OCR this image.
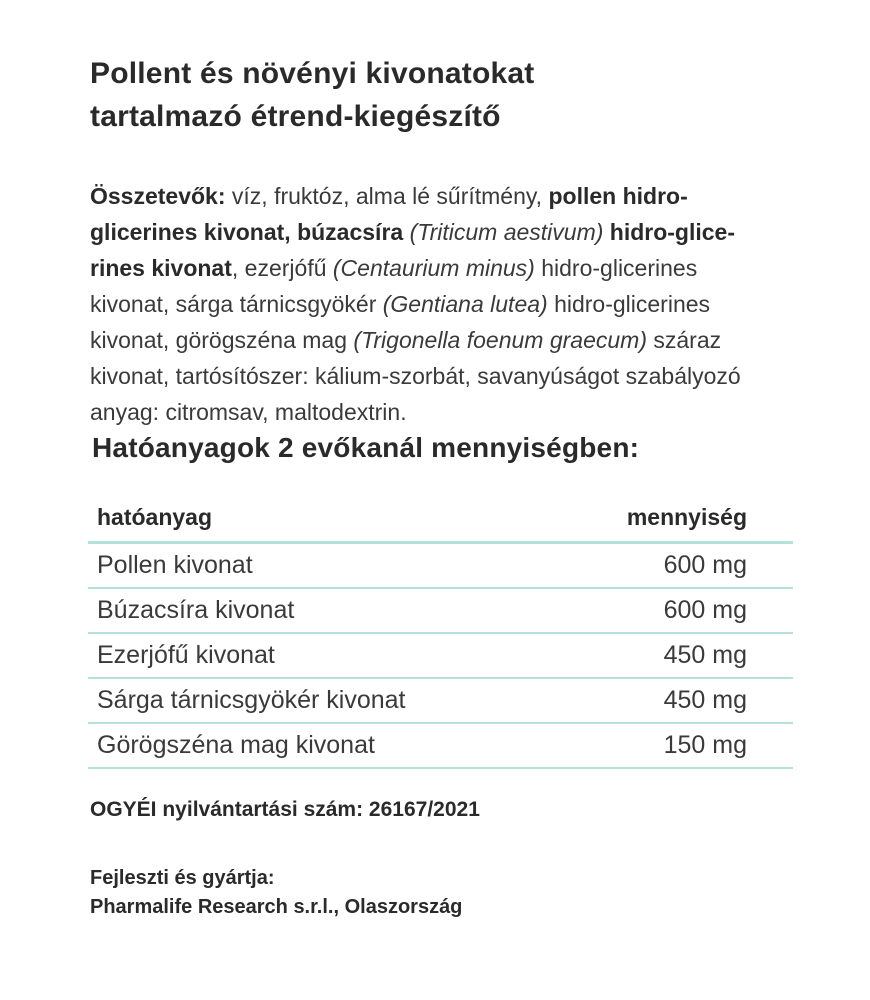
Pollent és növényi kivonatokat
tartalmazó étrend-kiegészítő
Összetevők: víz, fruktóz, alma lé sűrítmény, pollen hidro-
glicerines kivonat, búzacsíra (Triticum aestivum) hidro-glice-
rines kivonat, ezerjófű (Centaurium minus) hidro-glicerines
kivonat, sárga tárnicsgyökér (Gentiana lutea) hidro-glicerines
kivonat, görögszéna mag (Trigonella foenum graecum) száraz
kivonat, tartósítószer: kálium-szorbát, savanyúságot szabályozó
anyag: citromsav, maltodextrin.
Hatóanyagok 2 evőkanál mennyiségben:
hatóanyag	mennyiség
Pollen kivonat	600 mg
Búzacsíra kivonat	600 mg
Ezerjófű kivonat	450 mg
Sárga tárnicsgyökér kivonat	450 mg
Görögszéna mag kivonat	150 mg
OGYÉI nyilvántartási szám: 26167/2021
Fejleszti és gyártja:
Pharmalife Research s.r.l., Olaszország
